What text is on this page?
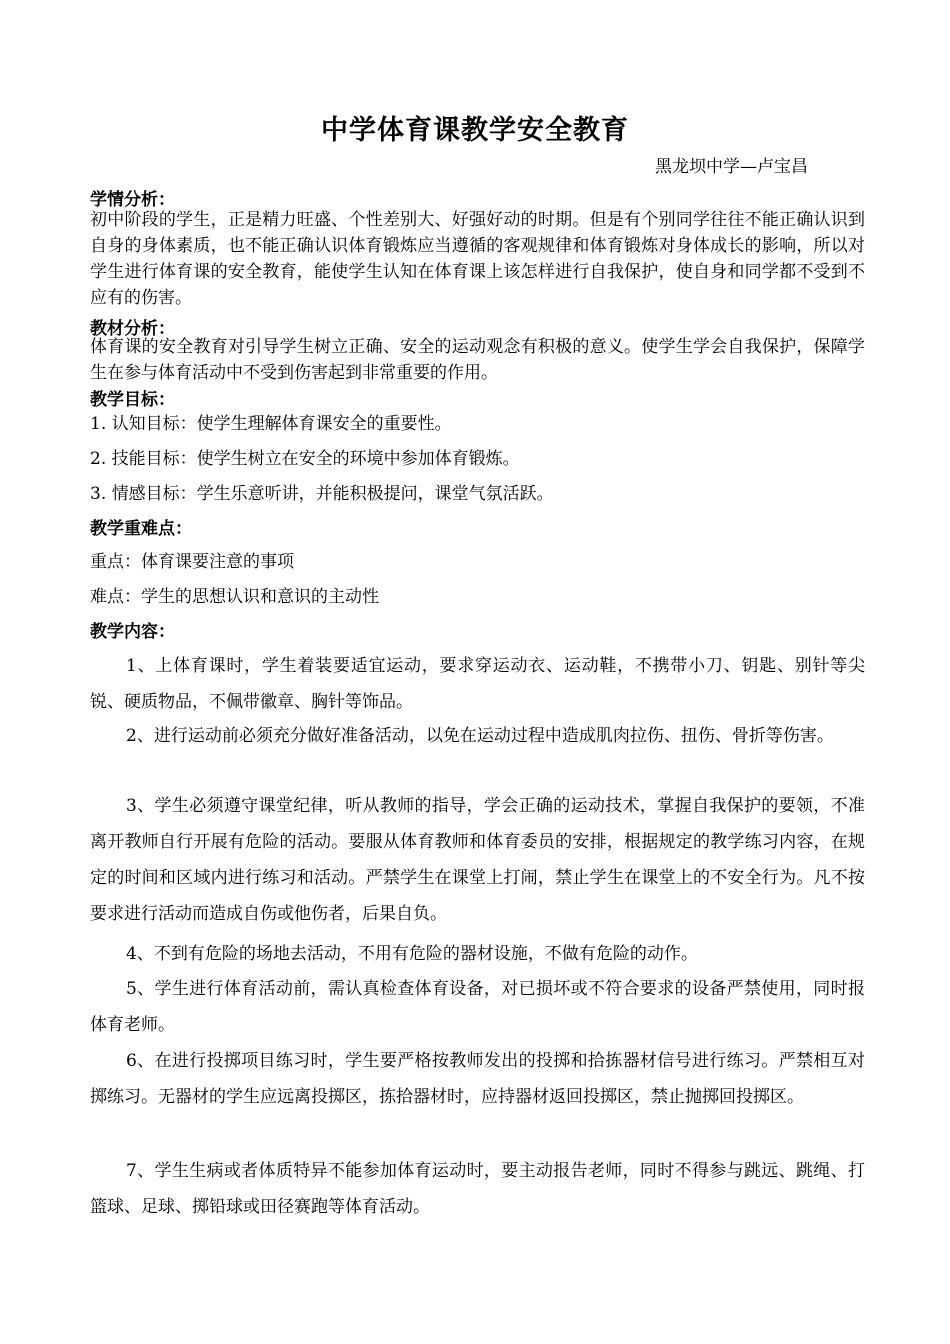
中学体育课教学安全教育
黑龙坝中学—卢宝昌
学情分析：
初中阶段的学生，正是精力旺盛、个性差别大、好强好动的时期。但是有个别同学往往不能正确认识到自身的身体素质，也不能正确认识体育锻炼应当遵循的客观规律和体育锻炼对身体成长的影响，所以对学生进行体育课的安全教育，能使学生认知在体育课上该怎样进行自我保护，使自身和同学都不受到不应有的伤害。
教材分析：
体育课的安全教育对引导学生树立正确、安全的运动观念有积极的意义。使学生学会自我保护，保障学生在参与体育活动中不受到伤害起到非常重要的作用。
教学目标：
1. 认知目标：使学生理解体育课安全的重要性。
2. 技能目标：使学生树立在安全的环境中参加体育锻炼。
3. 情感目标：学生乐意听讲，并能积极提问，课堂气氛活跃。
教学重难点：
重点：体育课要注意的事项
难点：学生的思想认识和意识的主动性
教学内容：
1、上体育课时，学生着装要适宜运动，要求穿运动衣、运动鞋，不携带小刀、钥匙、别针等尖锐、硬质物品，不佩带徽章、胸针等饰品。
2、进行运动前必须充分做好准备活动，以免在运动过程中造成肌肉拉伤、扭伤、骨折等伤害。
3、学生必须遵守课堂纪律，听从教师的指导，学会正确的运动技术，掌握自我保护的要领，不准离开教师自行开展有危险的活动。要服从体育教师和体育委员的安排，根据规定的教学练习内容，在规定的时间和区域内进行练习和活动。严禁学生在课堂上打闹，禁止学生在课堂上的不安全行为。凡不按要求进行活动而造成自伤或他伤者，后果自负。
4、不到有危险的场地去活动，不用有危险的器材设施，不做有危险的动作。
5、学生进行体育活动前，需认真检查体育设备，对已损坏或不符合要求的设备严禁使用，同时报体育老师。
6、在进行投掷项目练习时，学生要严格按教师发出的投掷和拾拣器材信号进行练习。严禁相互对掷练习。无器材的学生应远离投掷区，拣拾器材时，应持器材返回投掷区，禁止抛掷回投掷区。
7、学生生病或者体质特异不能参加体育运动时，要主动报告老师，同时不得参与跳远、跳绳、打篮球、足球、掷铅球或田径赛跑等体育活动。
